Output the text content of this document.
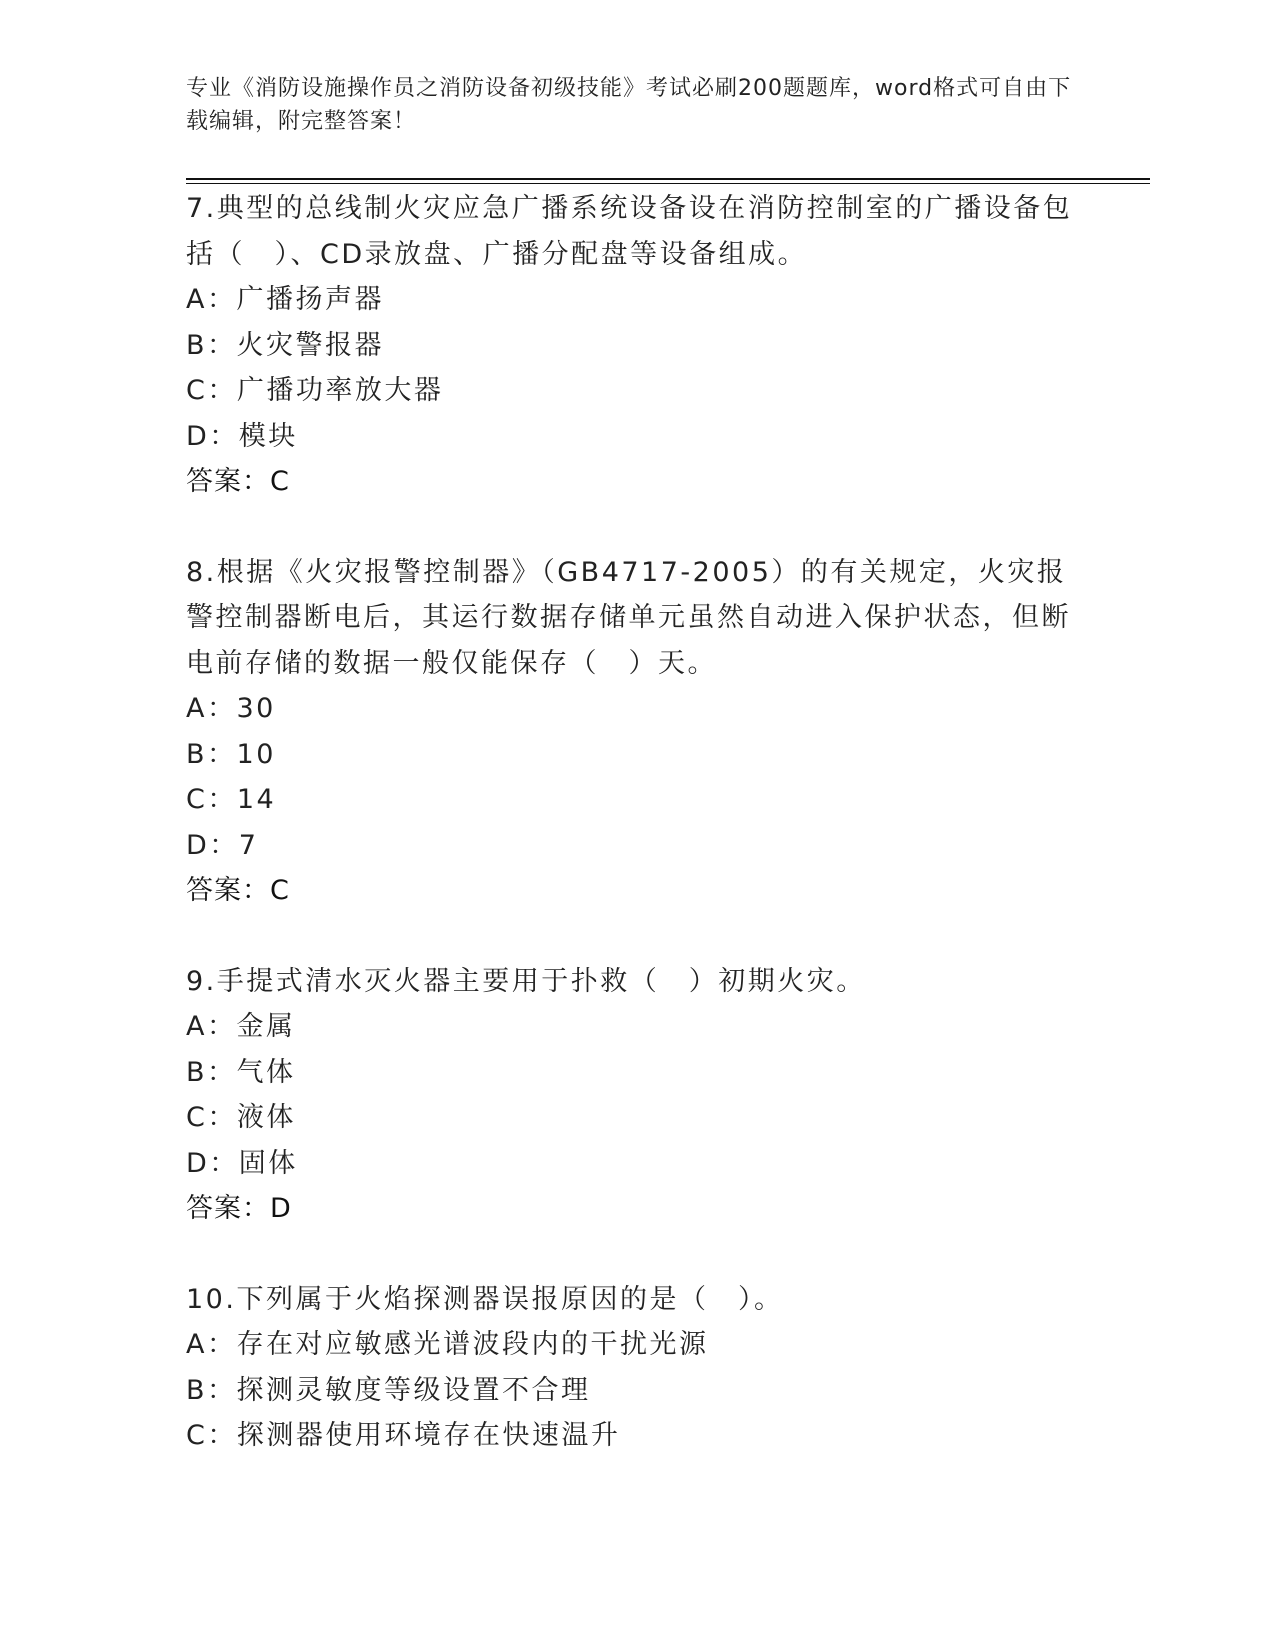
专业《消防设施操作员之消防设备初级技能》考试必刷200题题库，word格式可自由下载编辑，附完整答案！

7.典型的总线制火灾应急广播系统设备设在消防控制室的广播设备包括（　）、CD录放盘、广播分配盘等设备组成。

A：广播扬声器

B：火灾警报器

C：广播功率放大器

D：模块

答案：C

8.根据《火灾报警控制器》（GB4717-2005）的有关规定，火灾报警控制器断电后，其运行数据存储单元虽然自动进入保护状态，但断电前存储的数据一般仅能保存（　）天。

A：30

B：10

C：14

D：7

答案：C

9.手提式清水灭火器主要用于扑救（　）初期火灾。

A：金属

B：气体

C：液体

D：固体

答案：D

10.下列属于火焰探测器误报原因的是（　）。

A：存在对应敏感光谱波段内的干扰光源

B：探测灵敏度等级设置不合理

C：探测器使用环境存在快速温升
